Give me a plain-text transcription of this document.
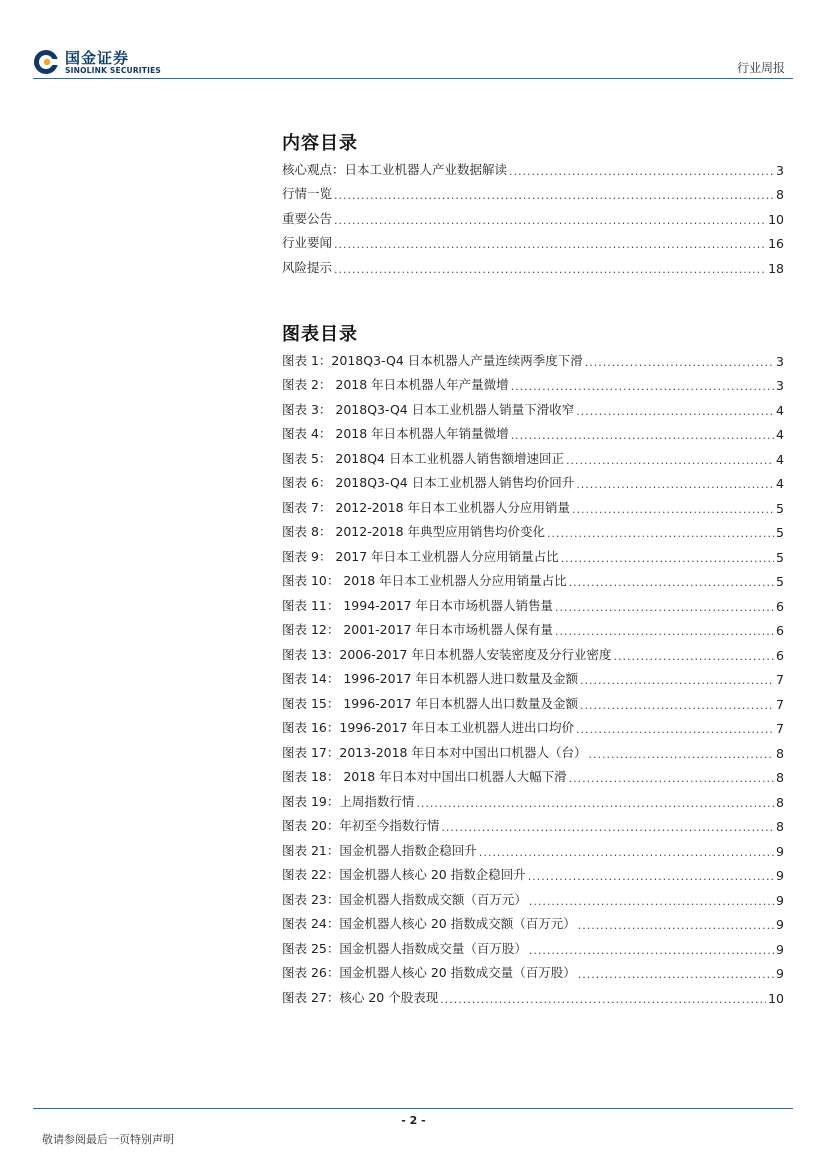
国金证券
SINOLINK SECURITIES	行业周报
内容目录
核心观点：日本工业机器人产业数据解读 .....	3
行情一览 .....	8
重要公告 .....	10
行业要闻 .....	16
风险提示 .....	18
图表目录
图表 1：2018Q3-Q4 日本机器人产量连续两季度下滑 .....	3
图表 2： 2018 年日本机器人年产量微增 .....	3
图表 3： 2018Q3-Q4 日本工业机器人销量下滑收窄 .....	4
图表 4： 2018 年日本机器人年销量微增 .....	4
图表 5： 2018Q4 日本工业机器人销售额增速回正 .....	4
图表 6： 2018Q3-Q4 日本工业机器人销售均价回升 .....	4
图表 7： 2012-2018 年日本工业机器人分应用销量 .....	5
图表 8： 2012-2018 年典型应用销售均价变化 .....	5
图表 9： 2017 年日本工业机器人分应用销量占比 .....	5
图表 10： 2018 年日本工业机器人分应用销量占比 .....	5
图表 11： 1994-2017 年日本市场机器人销售量 .....	6
图表 12： 2001-2017 年日本市场机器人保有量 .....	6
图表 13：2006-2017 年日本机器人安装密度及分行业密度 .....	6
图表 14： 1996-2017 年日本机器人进口数量及金额 .....	7
图表 15： 1996-2017 年日本机器人出口数量及金额 .....	7
图表 16：1996-2017 年日本工业机器人进出口均价 .....	7
图表 17：2013-2018 年日本对中国出口机器人（台） .....	8
图表 18： 2018 年日本对中国出口机器人大幅下滑 .....	8
图表 19：上周指数行情 .....	8
图表 20：年初至今指数行情 .....	8
图表 21：国金机器人指数企稳回升 .....	9
图表 22：国金机器人核心 20 指数企稳回升 .....	9
图表 23：国金机器人指数成交额（百万元） .....	9
图表 24：国金机器人核心 20 指数成交额（百万元） .....	9
图表 25：国金机器人指数成交量（百万股） .....	9
图表 26：国金机器人核心 20 指数成交量（百万股） .....	9
图表 27：核心 20 个股表现 .....	10
- 2 -
敬请参阅最后一页特别声明
